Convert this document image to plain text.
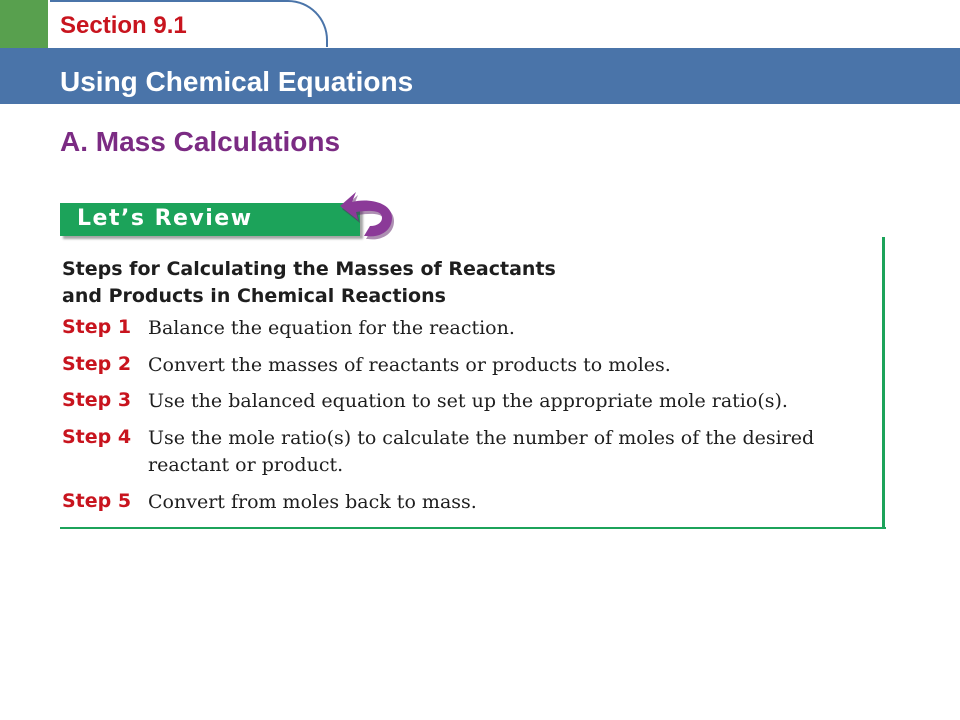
Section 9.1
Using Chemical Equations
A. Mass Calculations
Let’s Review
Steps for Calculating the Masses of Reactants
and Products in Chemical Reactions
Step 1 Balance the equation for the reaction.
Step 2 Convert the masses of reactants or products to moles.
Step 3 Use the balanced equation to set up the appropriate mole ratio(s).
Step 4 Use the mole ratio(s) to calculate the number of moles of the desired reactant or product.
Step 5 Convert from moles back to mass.
